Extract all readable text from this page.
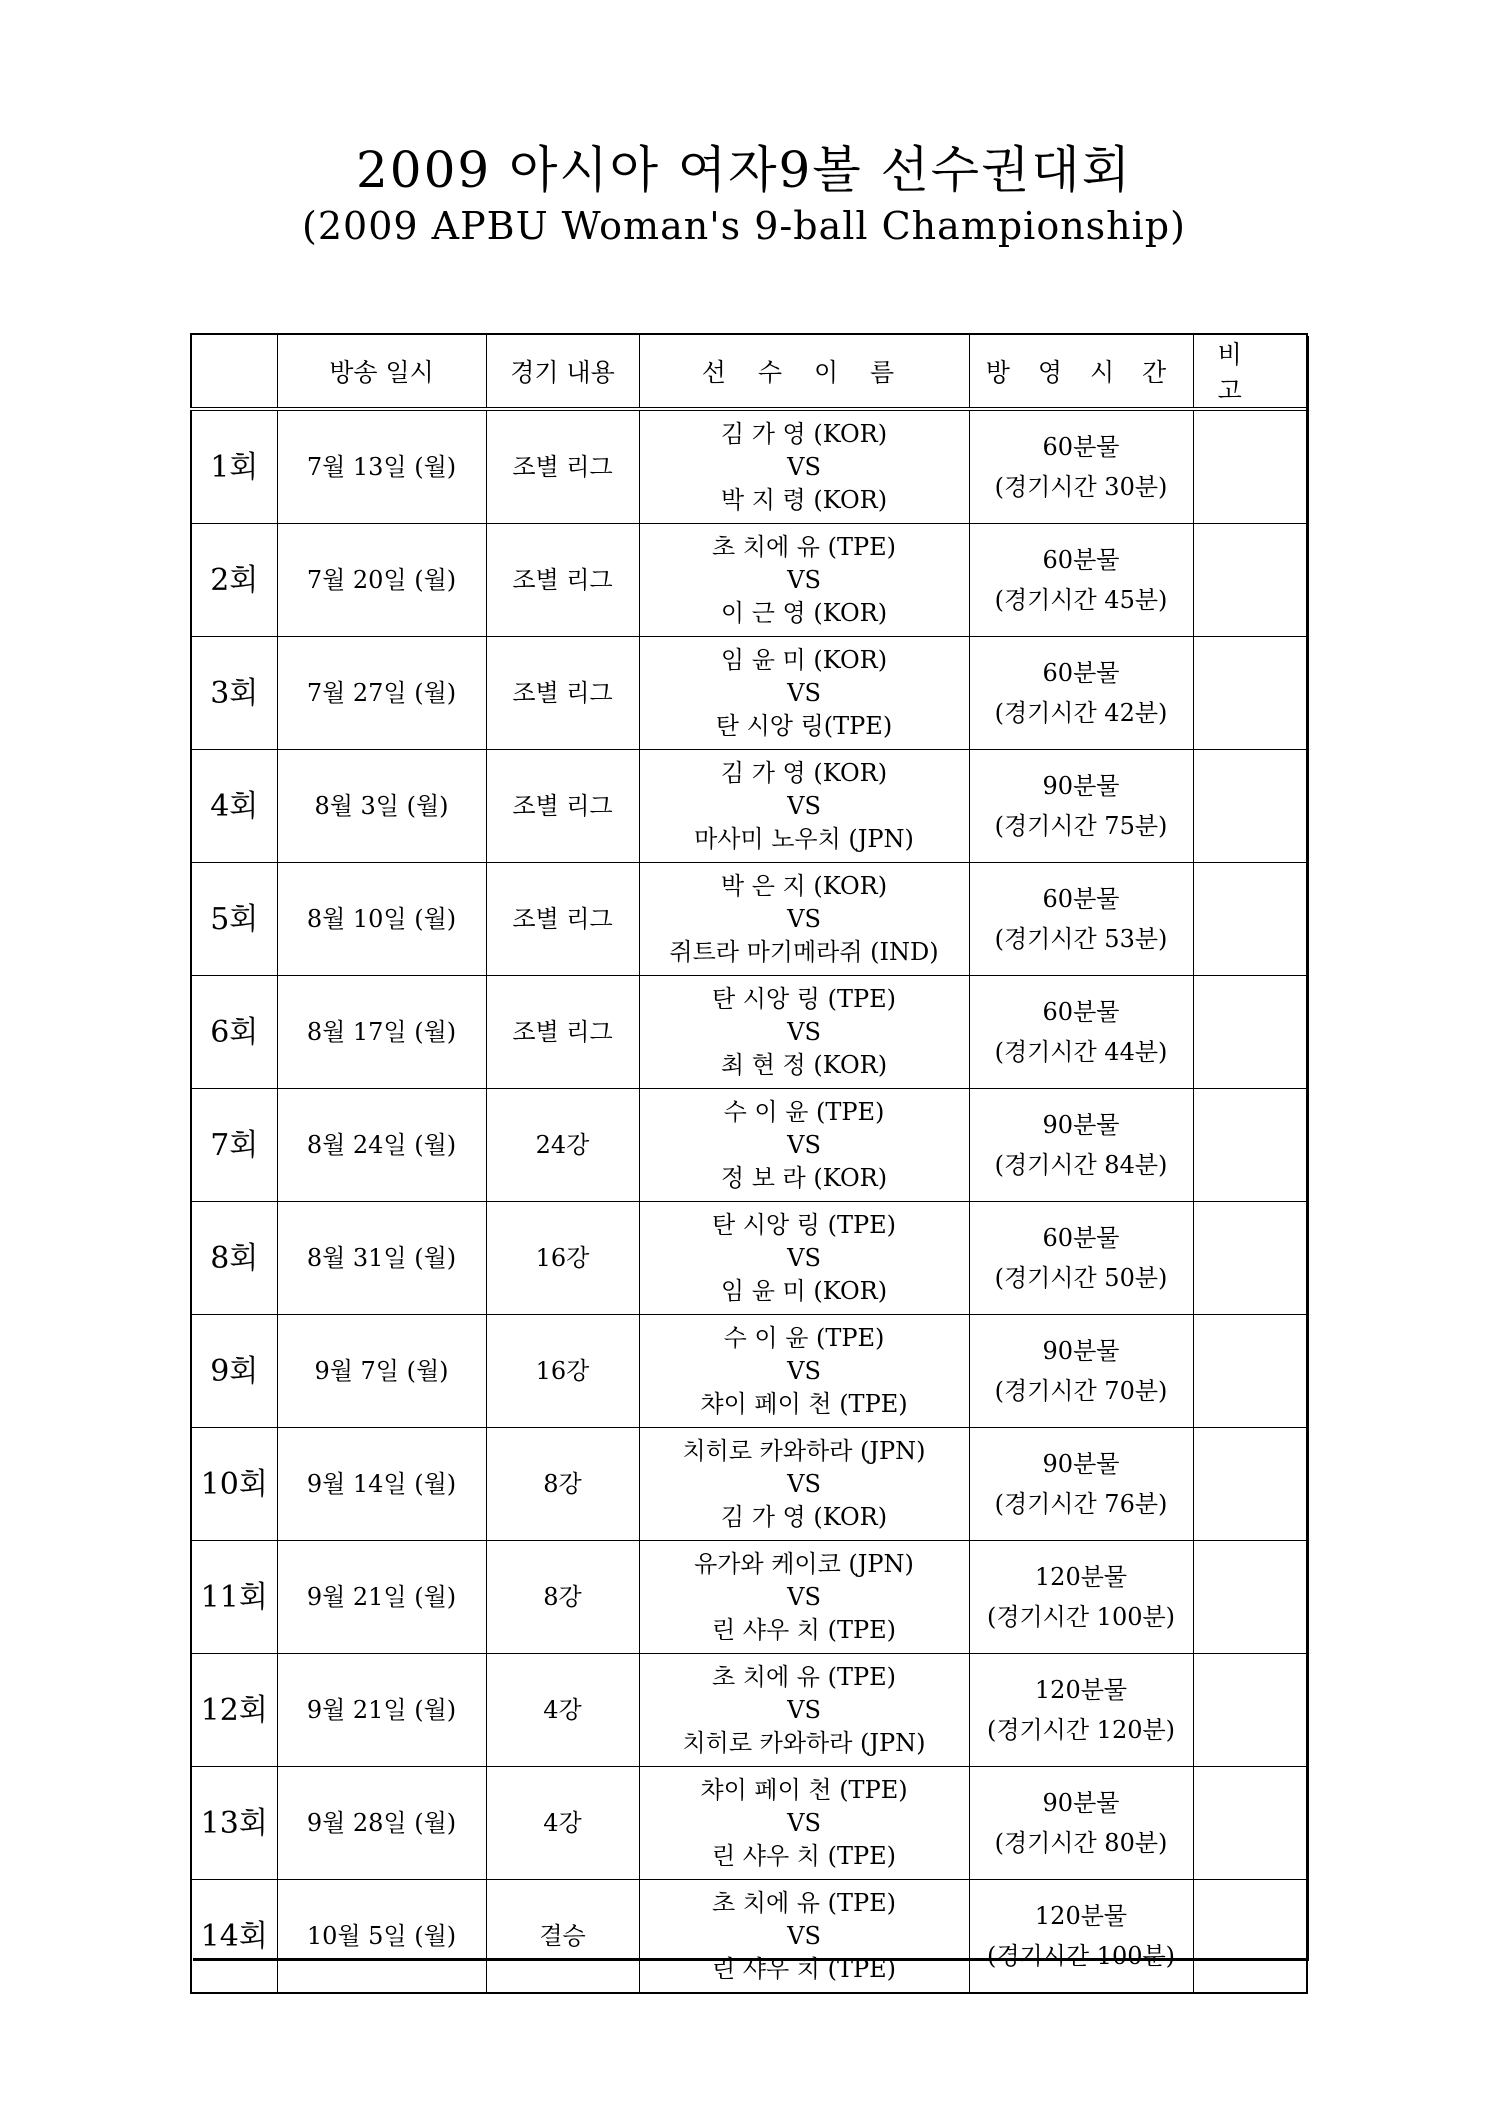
2009 아시아 여자9볼 선수권대회
(2009 APBU Woman's 9-ball Championship)
	방송 일시	경기 내용	선 수 이 름	방 영 시 간	비 고
1회	7월 13일 (월)	조별 리그	김 가 영 (KOR)
VS
박 지 령 (KOR)	60분물
(경기시간 30분)	

2회	7월 20일 (월)	조별 리그	초 치에 유 (TPE)
VS
이 근 영 (KOR)	60분물
(경기시간 45분)	

3회	7월 27일 (월)	조별 리그	임 윤 미 (KOR)
VS
탄 시앙 링(TPE)	60분물
(경기시간 42분)	

4회	8월 3일 (월)	조별 리그	김 가 영 (KOR)
VS
마사미 노우치 (JPN)	90분물
(경기시간 75분)	

5회	8월 10일 (월)	조별 리그	박 은 지 (KOR)
VS
쥐트라 마기메라쥐 (IND)	60분물
(경기시간 53분)	

6회	8월 17일 (월)	조별 리그	탄 시앙 링 (TPE)
VS
최 현 정 (KOR)	60분물
(경기시간 44분)	

7회	8월 24일 (월)	24강	수 이 윤 (TPE)
VS
정 보 라 (KOR)	90분물
(경기시간 84분)	

8회	8월 31일 (월)	16강	탄 시앙 링 (TPE)
VS
임 윤 미 (KOR)	60분물
(경기시간 50분)	

9회	9월 7일 (월)	16강	수 이 윤 (TPE)
VS
챠이 페이 천 (TPE)	90분물
(경기시간 70분)	

10회	9월 14일 (월)	8강	치히로 카와하라 (JPN)
VS
김 가 영 (KOR)	90분물
(경기시간 76분)	

11회	9월 21일 (월)	8강	유가와 케이코 (JPN)
VS
린 샤우 치 (TPE)	120분물
(경기시간 100분)	

12회	9월 21일 (월)	4강	초 치에 유 (TPE)
VS
치히로 카와하라 (JPN)	120분물
(경기시간 120분)	

13회	9월 28일 (월)	4강	챠이 페이 천 (TPE)
VS
린 샤우 치 (TPE)	90분물
(경기시간 80분)	

14회	10월 5일 (월)	결승	초 치에 유 (TPE)
VS
린 샤우 치 (TPE)	120분물
(경기시간 100분)	
